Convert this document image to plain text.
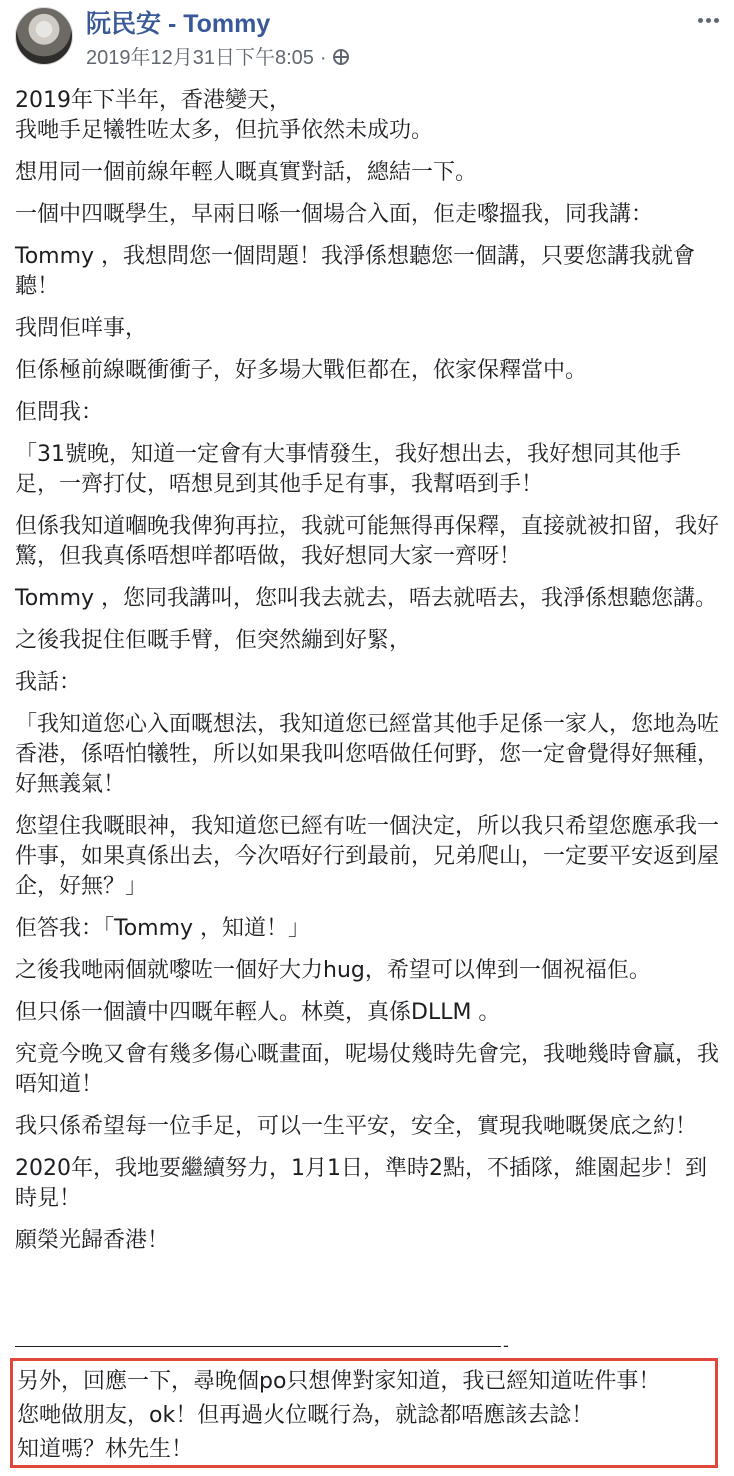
阮民安 - Tommy
2019年12月31日下午8:05 ·

2019年下半年，香港變天，
我哋手足犧牲咗太多，但抗爭依然未成功。

想用同一個前線年輕人嘅真實對話，總結一下。

一個中四嘅學生，早兩日喺一個場合入面，佢走嚟搵我，同我講：

Tommy ，我想問您一個問題！我淨係想聽您一個講，只要您講我就會聽！

我問佢咩事，

佢係極前線嘅衝衝子，好多場大戰佢都在，依家保釋當中。

佢問我：

「31號晚，知道一定會有大事情發生，我好想出去，我好想同其他手足，一齊打仗，唔想見到其他手足有事，我幫唔到手！

但係我知道嗰晚我俾狗再拉，我就可能無得再保釋，直接就被扣留，我好驚，但我真係唔想咩都唔做，我好想同大家一齊呀！

Tommy ，您同我講叫，您叫我去就去，唔去就唔去，我淨係想聽您講。

之後我捉住佢嘅手臂，佢突然繃到好緊，

我話：

「我知道您心入面嘅想法，我知道您已經當其他手足係一家人，您地為咗香港，係唔怕犧牲，所以如果我叫您唔做任何野，您一定會覺得好無種，好無義氣！

您望住我嘅眼神，我知道您已經有咗一個決定，所以我只希望您應承我一件事，如果真係出去，今次唔好行到最前，兄弟爬山，一定要平安返到屋企，好無？」

佢答我：「Tommy ，知道！」

之後我哋兩個就嚟咗一個好大力hug，希望可以俾到一個祝福佢。

但只係一個讀中四嘅年輕人。林奠，真係DLLM 。

究竟今晚又會有幾多傷心嘅畫面，呢場仗幾時先會完，我哋幾時會贏，我唔知道！

我只係希望每一位手足，可以一生平安，安全，實現我哋嘅煲底之約！

2020年，我地要繼續努力，1月1日，準時2點，不插隊，維園起步！到時見！

願榮光歸香港！

-

另外，回應一下，尋晚個po只想俾對家知道，我已經知道咗件事！

您哋做朋友，ok！但再過火位嘅行為，就諗都唔應該去諗！

知道嗎？林先生！
